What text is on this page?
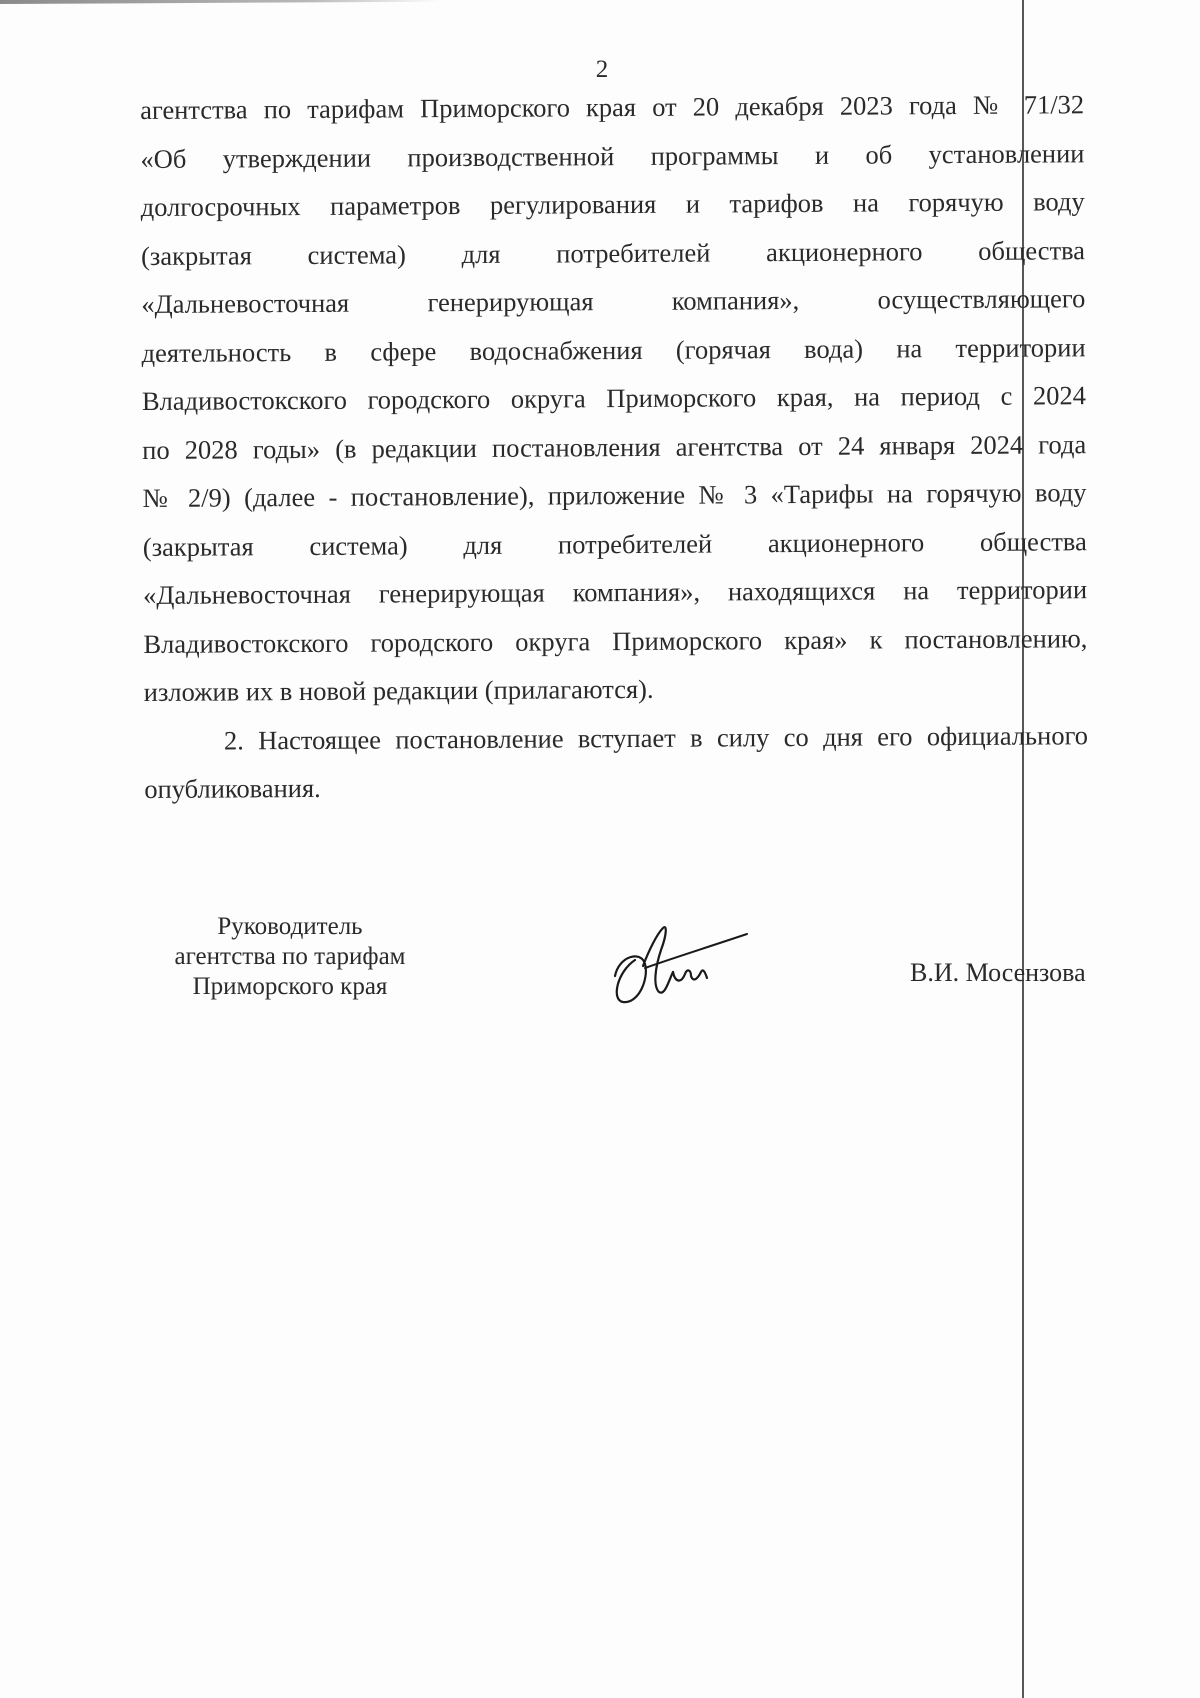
2
агентства по тарифам Приморского края от 20 декабря 2023 года № 71/32
«Об утверждении производственной программы и об установлении
долгосрочных параметров регулирования и тарифов на горячую воду
(закрытая система) для потребителей акционерного общества
«Дальневосточная генерирующая компания», осуществляющего
деятельность в сфере водоснабжения (горячая вода) на территории
Владивостокского городского округа Приморского края, на период с 2024
по 2028 годы» (в редакции постановления агентства от 24 января 2024 года
№ 2/9) (далее - постановление), приложение № 3 «Тарифы на горячую воду
(закрытая система) для потребителей акционерного общества
«Дальневосточная генерирующая компания», находящихся на территории
Владивостокского городского округа Приморского края» к постановлению,
изложив их в новой редакции (прилагаются).
2. Настоящее постановление вступает в силу со дня его официального
опубликования.
Руководитель
агентства по тарифам
Приморского края	В.И. Мосензова
